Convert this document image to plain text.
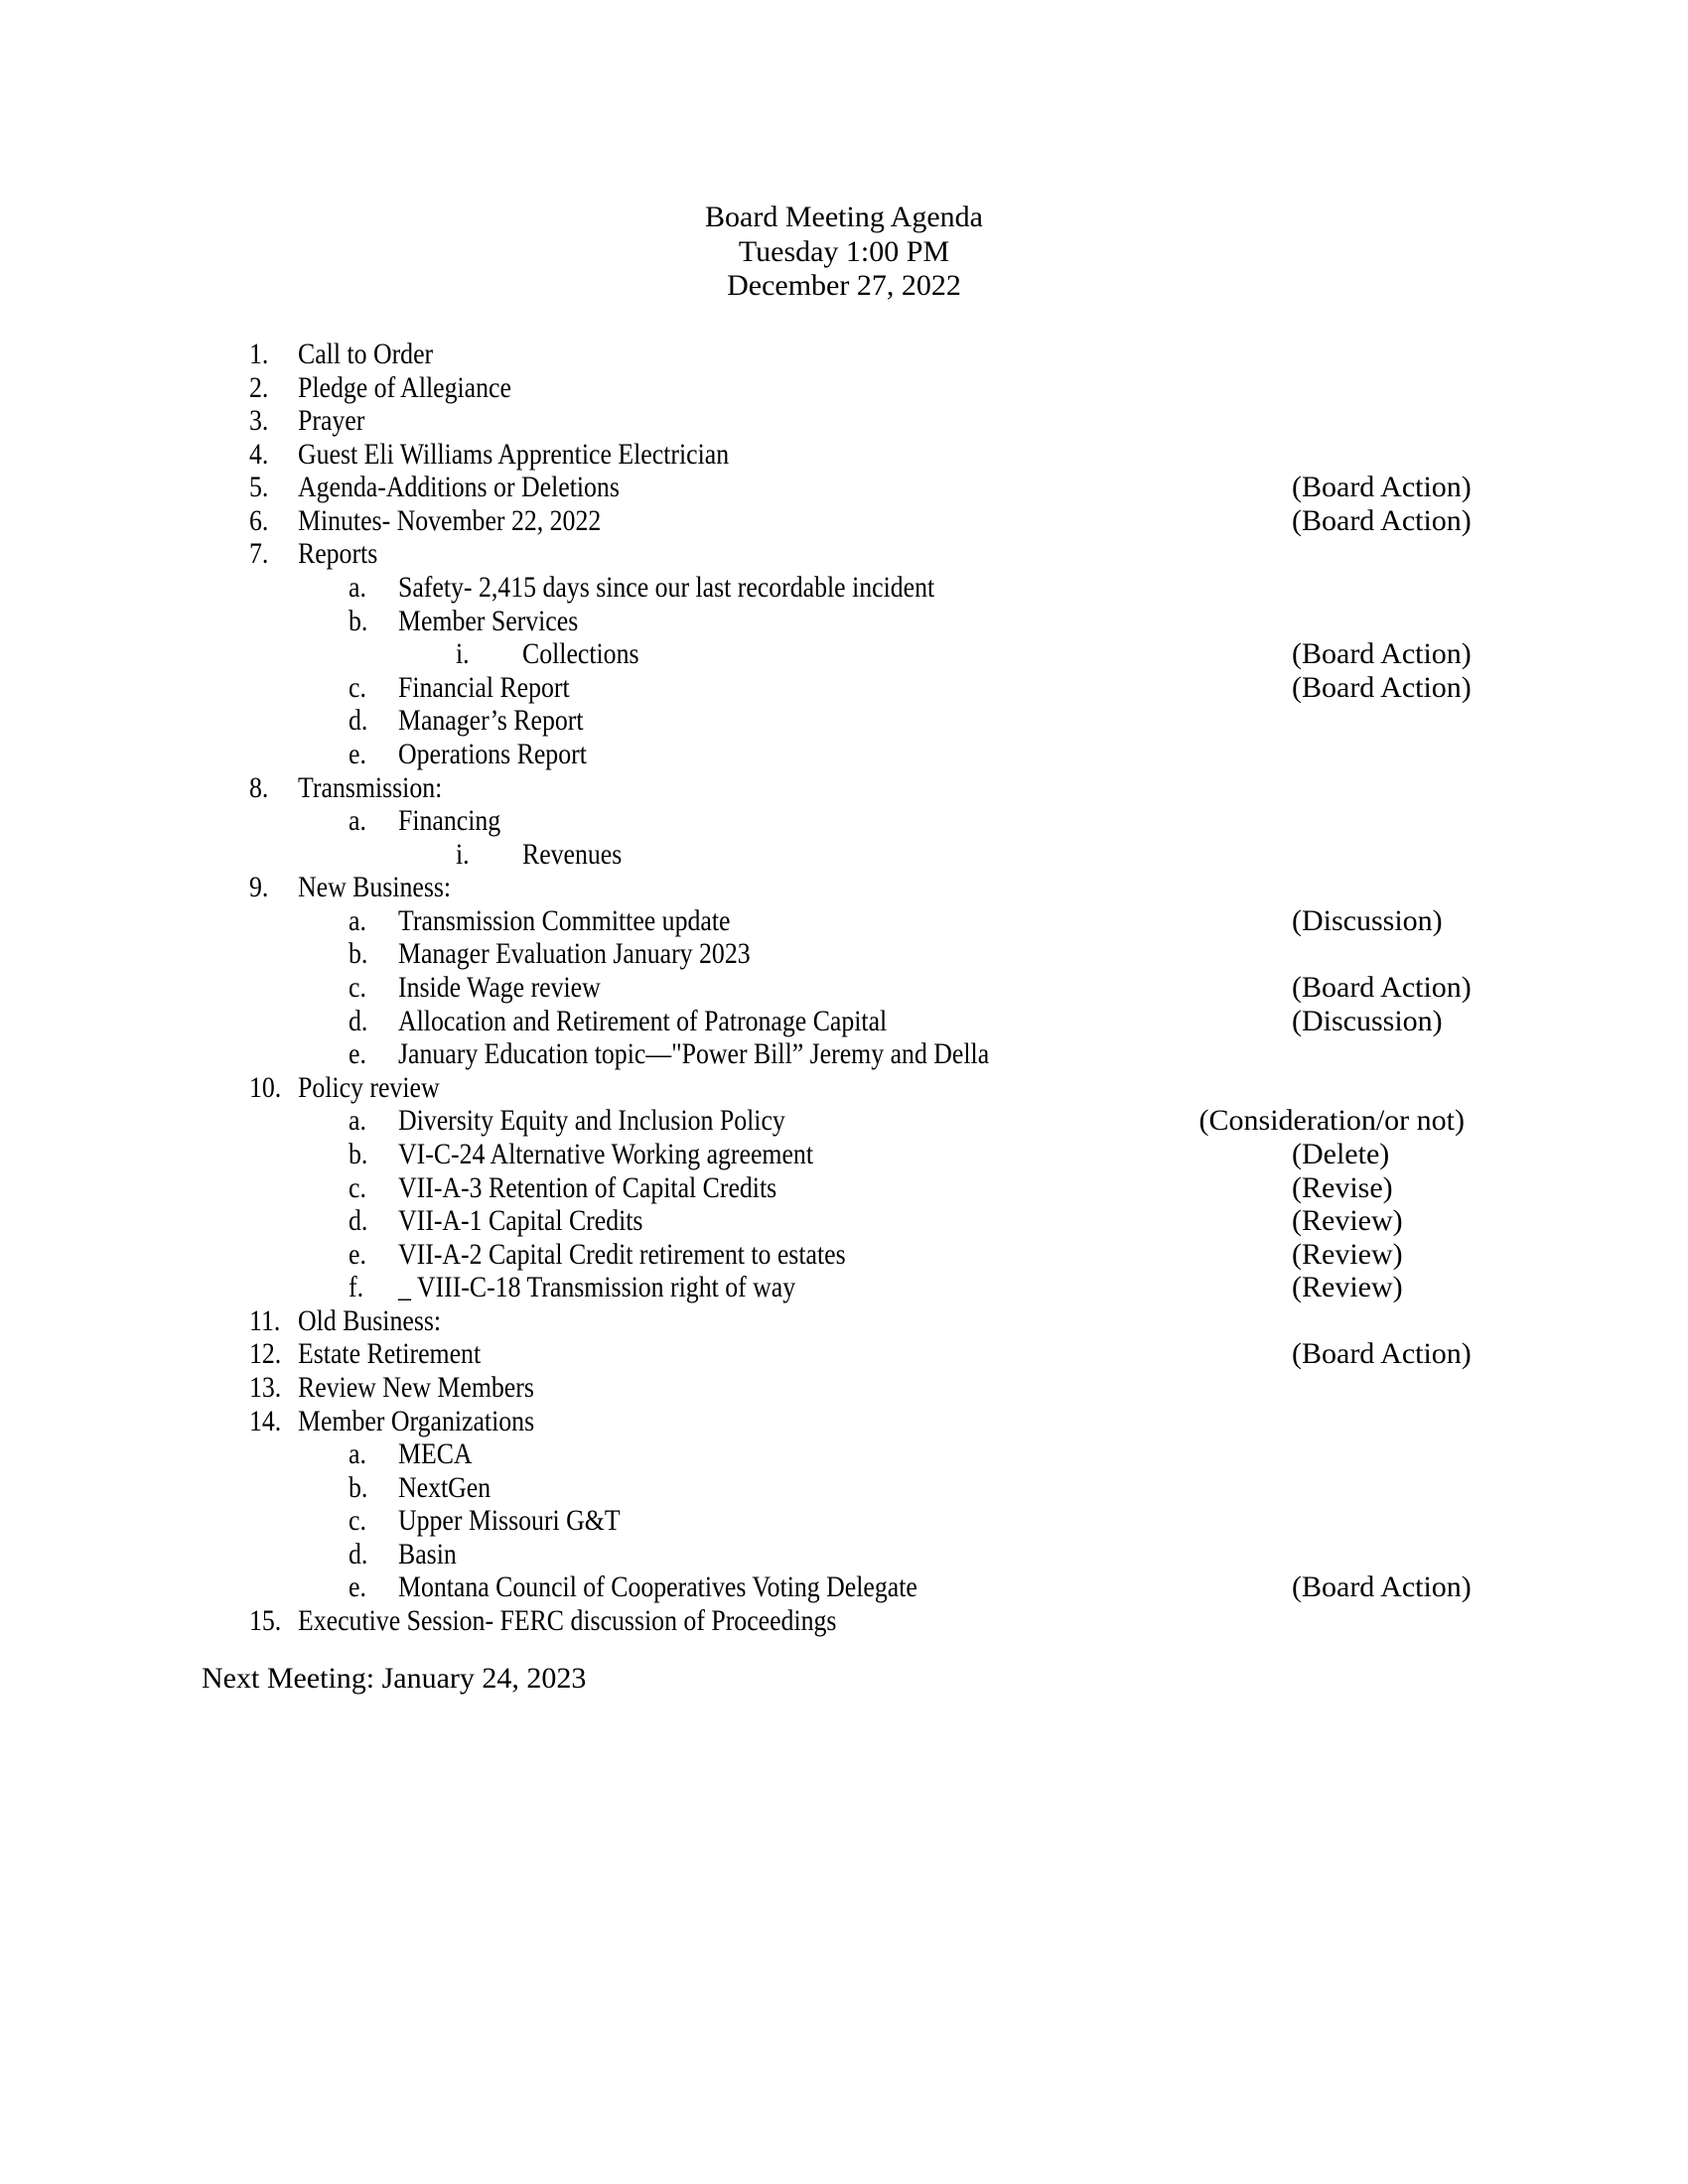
Board Meeting Agenda
Tuesday 1:00 PM
December 27, 2022
1. Call to Order
2. Pledge of Allegiance
3. Prayer
4. Guest Eli Williams Apprentice Electrician
5. Agenda-Additions or Deletions	(Board Action)
6. Minutes- November 22, 2022	(Board Action)
7. Reports
a. Safety- 2,415 days since our last recordable incident
b. Member Services
i. Collections	(Board Action)
c. Financial Report	(Board Action)
d. Manager’s Report
e. Operations Report
8. Transmission:
a. Financing
i. Revenues
9. New Business:
a. Transmission Committee update	(Discussion)
b. Manager Evaluation January 2023
c. Inside Wage review	(Board Action)
d. Allocation and Retirement of Patronage Capital	(Discussion)
e. January Education topic—"Power Bill” Jeremy and Della
10. Policy review
a. Diversity Equity and Inclusion Policy	(Consideration/or not)
b. VI-C-24 Alternative Working agreement	(Delete)
c. VII-A-3 Retention of Capital Credits	(Revise)
d. VII-A-1 Capital Credits	(Review)
e. VII-A-2 Capital Credit retirement to estates	(Review)
f. _ VIII-C-18 Transmission right of way	(Review)
11. Old Business:
12. Estate Retirement	(Board Action)
13. Review New Members
14. Member Organizations
a. MECA
b. NextGen
c. Upper Missouri G&T
d. Basin
e. Montana Council of Cooperatives Voting Delegate	(Board Action)
15. Executive Session- FERC discussion of Proceedings
Next Meeting: January 24, 2023
